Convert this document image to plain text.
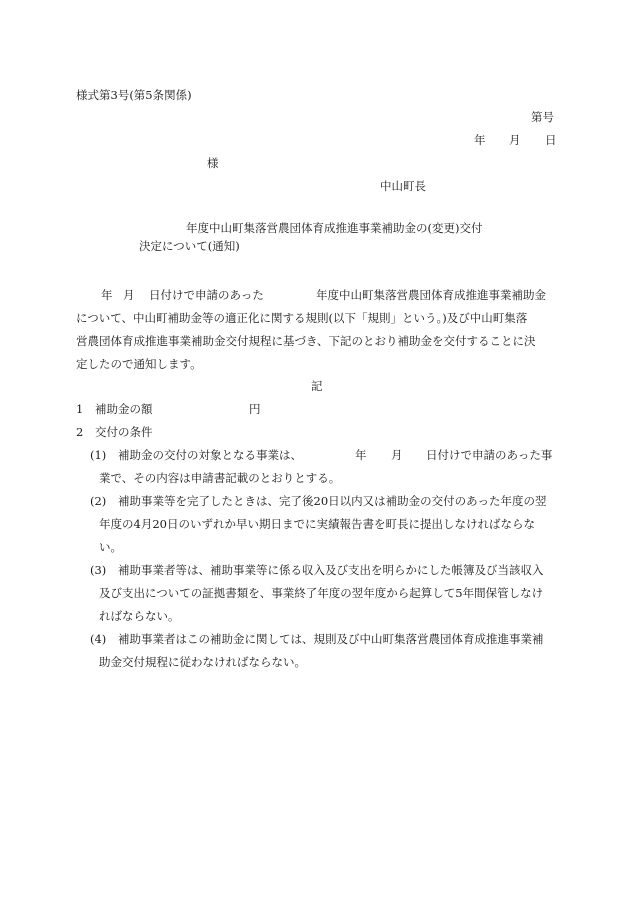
様式第3号(第5条関係)
第号
年 月 日
様
中山町長
年度中山町集落営農団体育成推進事業補助金の(変更)交付
決定について(通知)
年 月 日付けで申請のあった	年度中山町集落営農団体育成推進事業補助金
について、中山町補助金等の適正化に関する規則(以下「規則」という。)及び中山町集落
営農団体育成推進事業補助金交付規程に基づき、下記のとおり補助金を交付することに決
定したので通知します。
記
1 補助金の額	円
2 交付の条件
(1) 補助金の交付の対象となる事業は、	年 月 日付けで申請のあった事
業で、その内容は申請書記載のとおりとする。
(2) 補助事業等を完了したときは、完了後20日以内又は補助金の交付のあった年度の翌
年度の4月20日のいずれか早い期日までに実績報告書を町長に提出しなければならな
い。
(3) 補助事業者等は、補助事業等に係る収入及び支出を明らかにした帳簿及び当該収入
及び支出についての証拠書類を、事業終了年度の翌年度から起算して5年間保管しなけ
ればならない。
(4) 補助事業者はこの補助金に関しては、規則及び中山町集落営農団体育成推進事業補
助金交付規程に従わなければならない。
